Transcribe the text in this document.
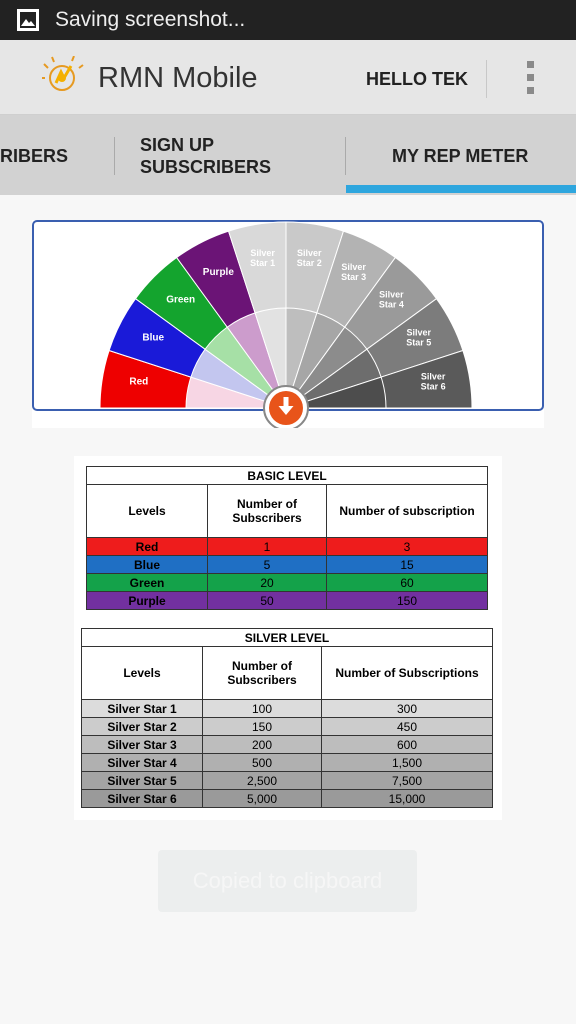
Saving screenshot...
RMN Mobile	HELLO TEK
RIBERS
SIGN UP
SUBSCRIBERS
MY REP METER
Red
Blue
Green
Purple
Silver Star 1
Silver Star 2 Silver Star 3
Silver Star 4
Silver Star 5
Silver Star 6
BASIC LEVEL		
Levels	Number of Subscribers	Number of subscription
Red	1	3
Blue	5	15
Green	20	60
Purple	50	150
SILVER LEVEL		
Levels	Number of Subscribers	Number of Subscriptions
Silver Star 1	100	300
Silver Star 2	150	450
Silver Star 3	200	600
Silver Star 4	500	1,500
Silver Star 5	2,500	7,500
Silver Star 6	5,000	15,000
Copied to clipboard
